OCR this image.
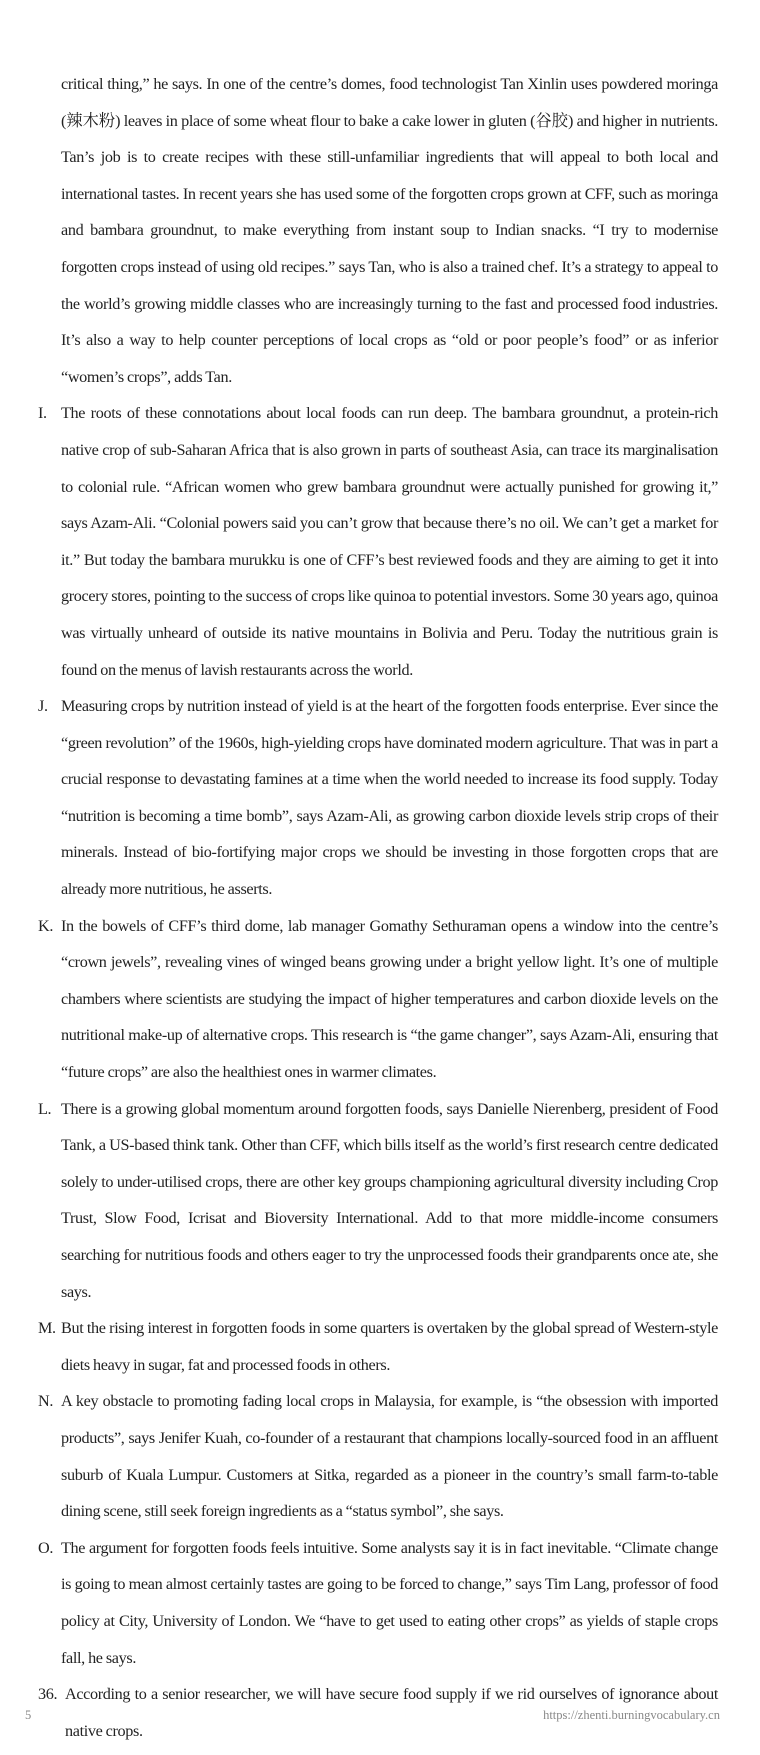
critical thing,” he says. In one of the centre’s domes, food technologist Tan Xinlin uses powdered moringa (辣木粉) leaves in place of some wheat flour to bake a cake lower in gluten (谷胶) and higher in nutrients. Tan’s job is to create recipes with these still-unfamiliar ingredients that will appeal to both local and international tastes. In recent years she has used some of the forgotten crops grown at CFF, such as moringa and bambara groundnut, to make everything from instant soup to Indian snacks. “I try to modernise forgotten crops instead of using old recipes.” says Tan, who is also a trained chef. It’s a strategy to appeal to the world’s growing middle classes who are increasingly turning to the fast and processed food industries. It’s also a way to help counter perceptions of local crops as “old or poor people’s food” or as inferior “women’s crops”, adds Tan.

I. The roots of these connotations about local foods can run deep. The bambara groundnut, a protein-rich native crop of sub-Saharan Africa that is also grown in parts of southeast Asia, can trace its marginalisation to colonial rule. “African women who grew bambara groundnut were actually punished for growing it,” says Azam-Ali. “Colonial powers said you can’t grow that because there’s no oil. We can’t get a market for it.” But today the bambara murukku is one of CFF’s best reviewed foods and they are aiming to get it into grocery stores, pointing to the success of crops like quinoa to potential investors. Some 30 years ago, quinoa was virtually unheard of outside its native mountains in Bolivia and Peru. Today the nutritious grain is found on the menus of lavish restaurants across the world.

J. Measuring crops by nutrition instead of yield is at the heart of the forgotten foods enterprise. Ever since the “green revolution” of the 1960s, high-yielding crops have dominated modern agriculture. That was in part a crucial response to devastating famines at a time when the world needed to increase its food supply. Today “nutrition is becoming a time bomb”, says Azam-Ali, as growing carbon dioxide levels strip crops of their minerals. Instead of bio-fortifying major crops we should be investing in those forgotten crops that are already more nutritious, he asserts.

K. In the bowels of CFF’s third dome, lab manager Gomathy Sethuraman opens a window into the centre’s “crown jewels”, revealing vines of winged beans growing under a bright yellow light. It’s one of multiple chambers where scientists are studying the impact of higher temperatures and carbon dioxide levels on the nutritional make-up of alternative crops. This research is “the game changer”, says Azam-Ali, ensuring that “future crops” are also the healthiest ones in warmer climates.

L. There is a growing global momentum around forgotten foods, says Danielle Nierenberg, president of Food Tank, a US-based think tank. Other than CFF, which bills itself as the world’s first research centre dedicated solely to under-utilised crops, there are other key groups championing agricultural diversity including Crop Trust, Slow Food, Icrisat and Bioversity International. Add to that more middle-income consumers searching for nutritious foods and others eager to try the unprocessed foods their grandparents once ate, she says.

M. But the rising interest in forgotten foods in some quarters is overtaken by the global spread of Western-style diets heavy in sugar, fat and processed foods in others.

N. A key obstacle to promoting fading local crops in Malaysia, for example, is “the obsession with imported products”, says Jenifer Kuah, co-founder of a restaurant that champions locally-sourced food in an affluent suburb of Kuala Lumpur. Customers at Sitka, regarded as a pioneer in the country’s small farm-to-table dining scene, still seek foreign ingredients as a “status symbol”, she says.

O. The argument for forgotten foods feels intuitive. Some analysts say it is in fact inevitable. “Climate change is going to mean almost certainly tastes are going to be forced to change,” says Tim Lang, professor of food policy at City, University of London. We “have to get used to eating other crops” as yields of staple crops fall, he says.

36. According to a senior researcher, we will have secure food supply if we rid ourselves of ignorance about native crops.

5	https://zhenti.burningvocabulary.cn
